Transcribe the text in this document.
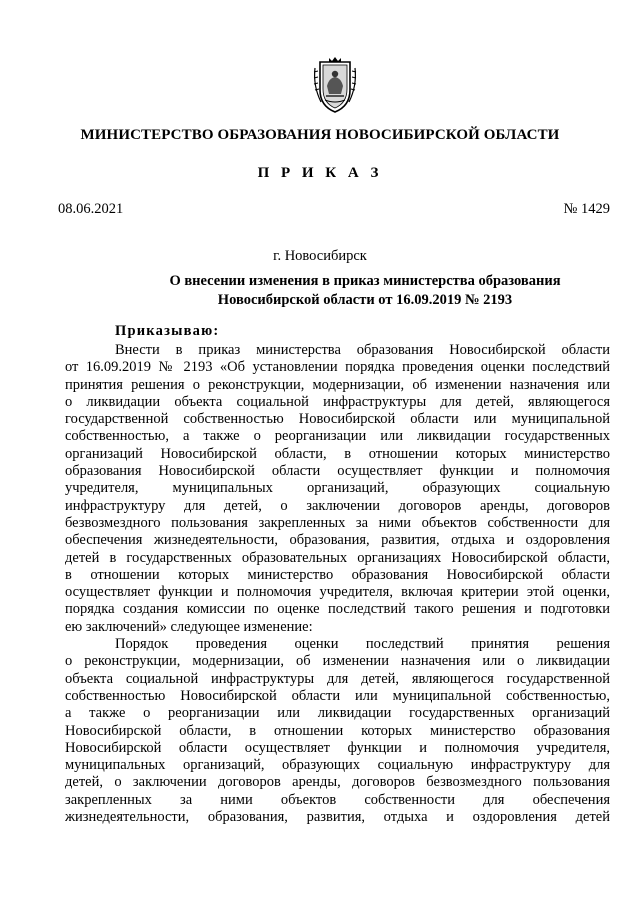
МИНИСТЕРСТВО ОБРАЗОВАНИЯ НОВОСИБИРСКОЙ ОБЛАСТИ
П Р И К А З
08.06.2021	№ 1429
г. Новосибирск
О внесении изменения в приказ министерства образования
Новосибирской области от 16.09.2019 № 2193
Приказываю:
Внести в приказ министерства образования Новосибирской области
от 16.09.2019 № 2193 «Об установлении порядка проведения оценки последствий
принятия решения о реконструкции, модернизации, об изменении назначения или
о ликвидации объекта социальной инфраструктуры для детей, являющегося
государственной собственностью Новосибирской области или муниципальной
собственностью, а также о реорганизации или ликвидации государственных
организаций Новосибирской области, в отношении которых министерство
образования Новосибирской области осуществляет функции и полномочия
учредителя, муниципальных организаций, образующих социальную
инфраструктуру для детей, о заключении договоров аренды, договоров
безвозмездного пользования закрепленных за ними объектов собственности для
обеспечения жизнедеятельности, образования, развития, отдыха и оздоровления
детей в государственных образовательных организациях Новосибирской области,
в отношении которых министерство образования Новосибирской области
осуществляет функции и полномочия учредителя, включая критерии этой оценки,
порядка создания комиссии по оценке последствий такого решения и подготовки
ею заключений» следующее изменение:
Порядок проведения оценки последствий принятия решения
о реконструкции, модернизации, об изменении назначения или о ликвидации
объекта социальной инфраструктуры для детей, являющегося государственной
собственностью Новосибирской области или муниципальной собственностью,
а также о реорганизации или ликвидации государственных организаций
Новосибирской области, в отношении которых министерство образования
Новосибирской области осуществляет функции и полномочия учредителя,
муниципальных организаций, образующих социальную инфраструктуру для
детей, о заключении договоров аренды, договоров безвозмездного пользования
закрепленных за ними объектов собственности для обеспечения
жизнедеятельности, образования, развития, отдыха и оздоровления детей
